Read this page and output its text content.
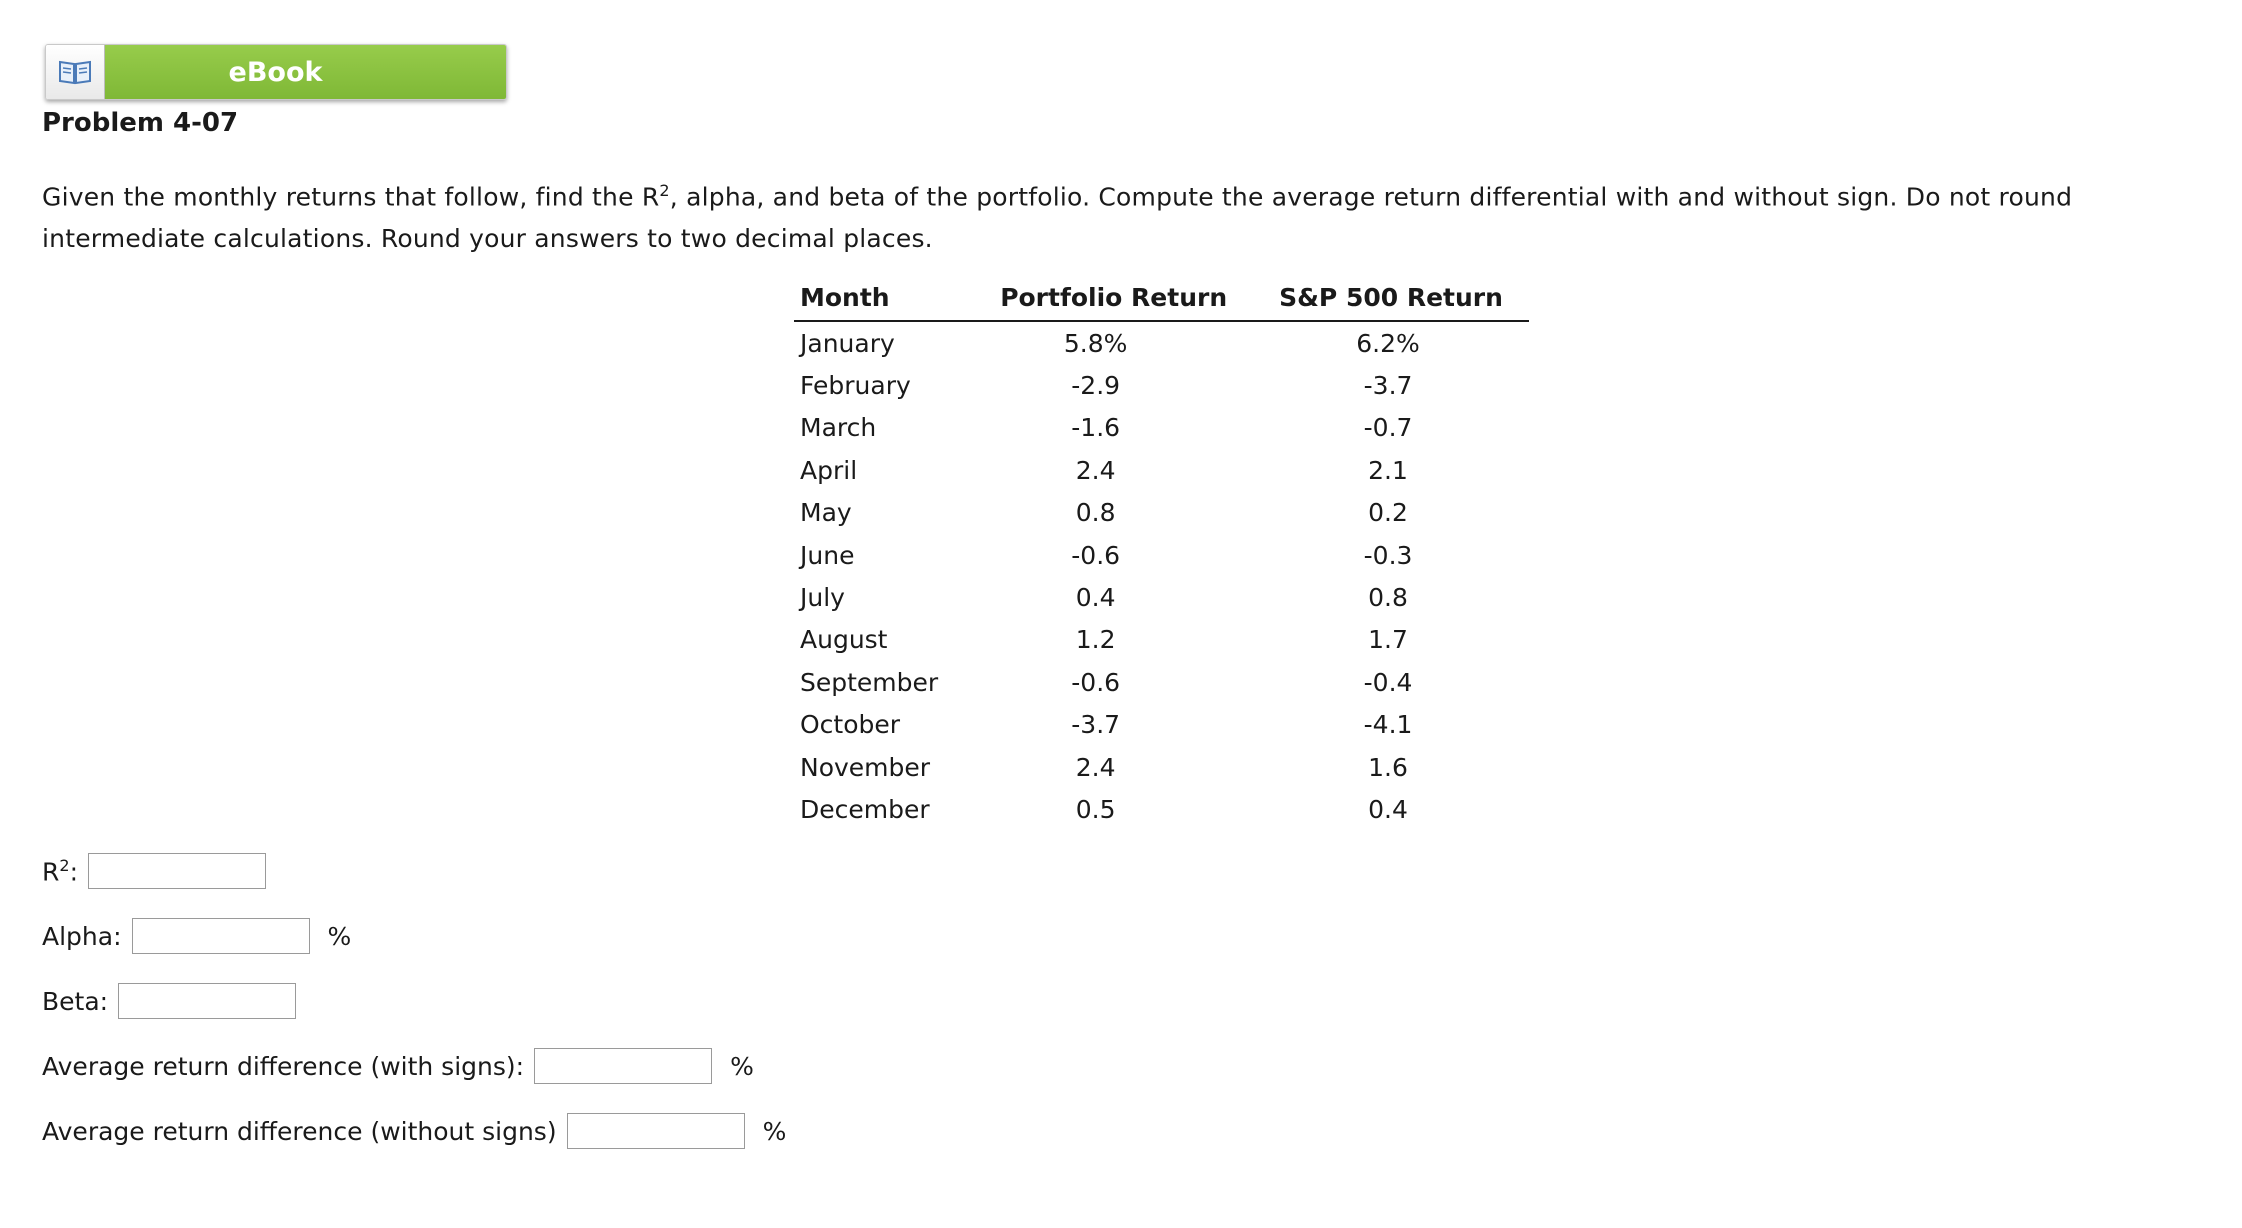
eBook
Problem 4-07

Given the monthly returns that follow, find the $R^2$, alpha, and beta of the portfolio. Compute the average return differential with and without sign. Do not round intermediate calculations. Round your answers to two decimal places.

Month	Portfolio Return	S&P 500 Return
January	5.8%	6.2%
February	-2.9	-3.7
March	-1.6	-0.7
April	2.4	2.1
May	0.8	0.2
June	-0.6	-0.3
July	0.4	0.8
August	1.2	1.7
September	-0.6	-0.4
October	-3.7	-4.1
November	2.4	1.6
December	0.5	0.4
$R^2$:
Alpha:	%
Beta:
Average return difference (with signs):	%
Average return difference (without signs)	%
